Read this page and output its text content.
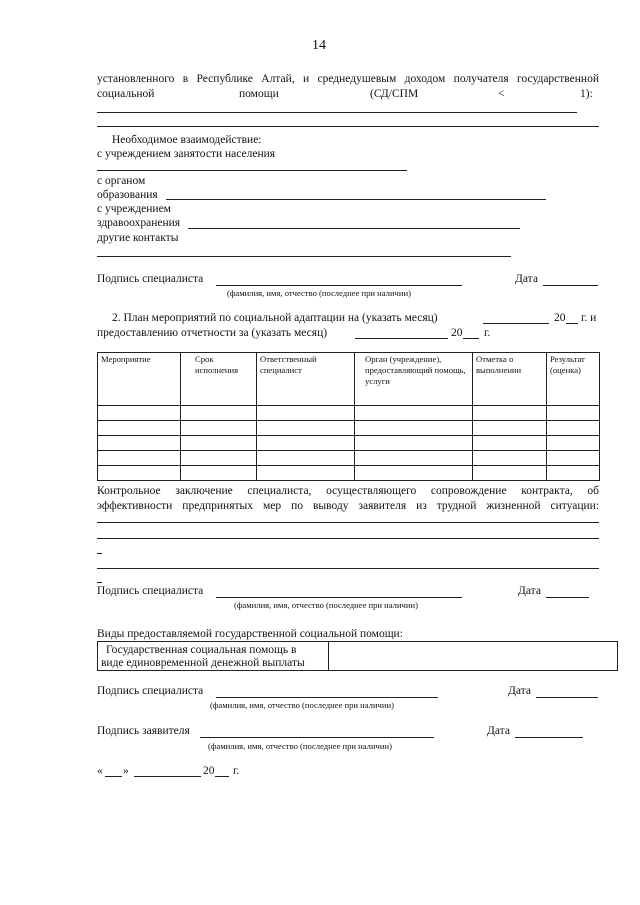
14
установленного в Республике Алтай, и среднедушевым доходом получателя государственной
социальной	помощи	(СД/СПМ	<	1):
Необходимое взаимодействие:
с учреждением занятости населения
с органом
образования
с учреждением
здравоохранения
другие контакты
Подпись специалиста	Дата
(фамилия, имя, отчество (последнее при наличии)
2. План мероприятий по социальной адаптации на (указать месяц)	20 г. и
предоставлению отчетности за (указать месяц)	20 г.
Мероприятие	Срок исполнения	Ответственный специалист	Орган (учреждение), предоставляющий помощь, услуги	Отметка о выполнении	Результат (оценка)

Контрольное заключение специалиста, осуществляющего сопровождение контракта, об
эффективности предпринятых мер по выводу заявителя из трудной жизненной ситуации:
Подпись специалиста	Дата
(фамилия, имя, отчество (последнее при наличии)
Виды предоставляемой государственной социальной помощи:
Государственная социальная помощь в
виде единовременной денежной выплаты
Подпись специалиста	Дата
(фамилия, имя, отчество (последнее при наличии)
Подпись заявителя	Дата
(фамилия, имя, отчество (последнее при наличии)
« »	20 г.
